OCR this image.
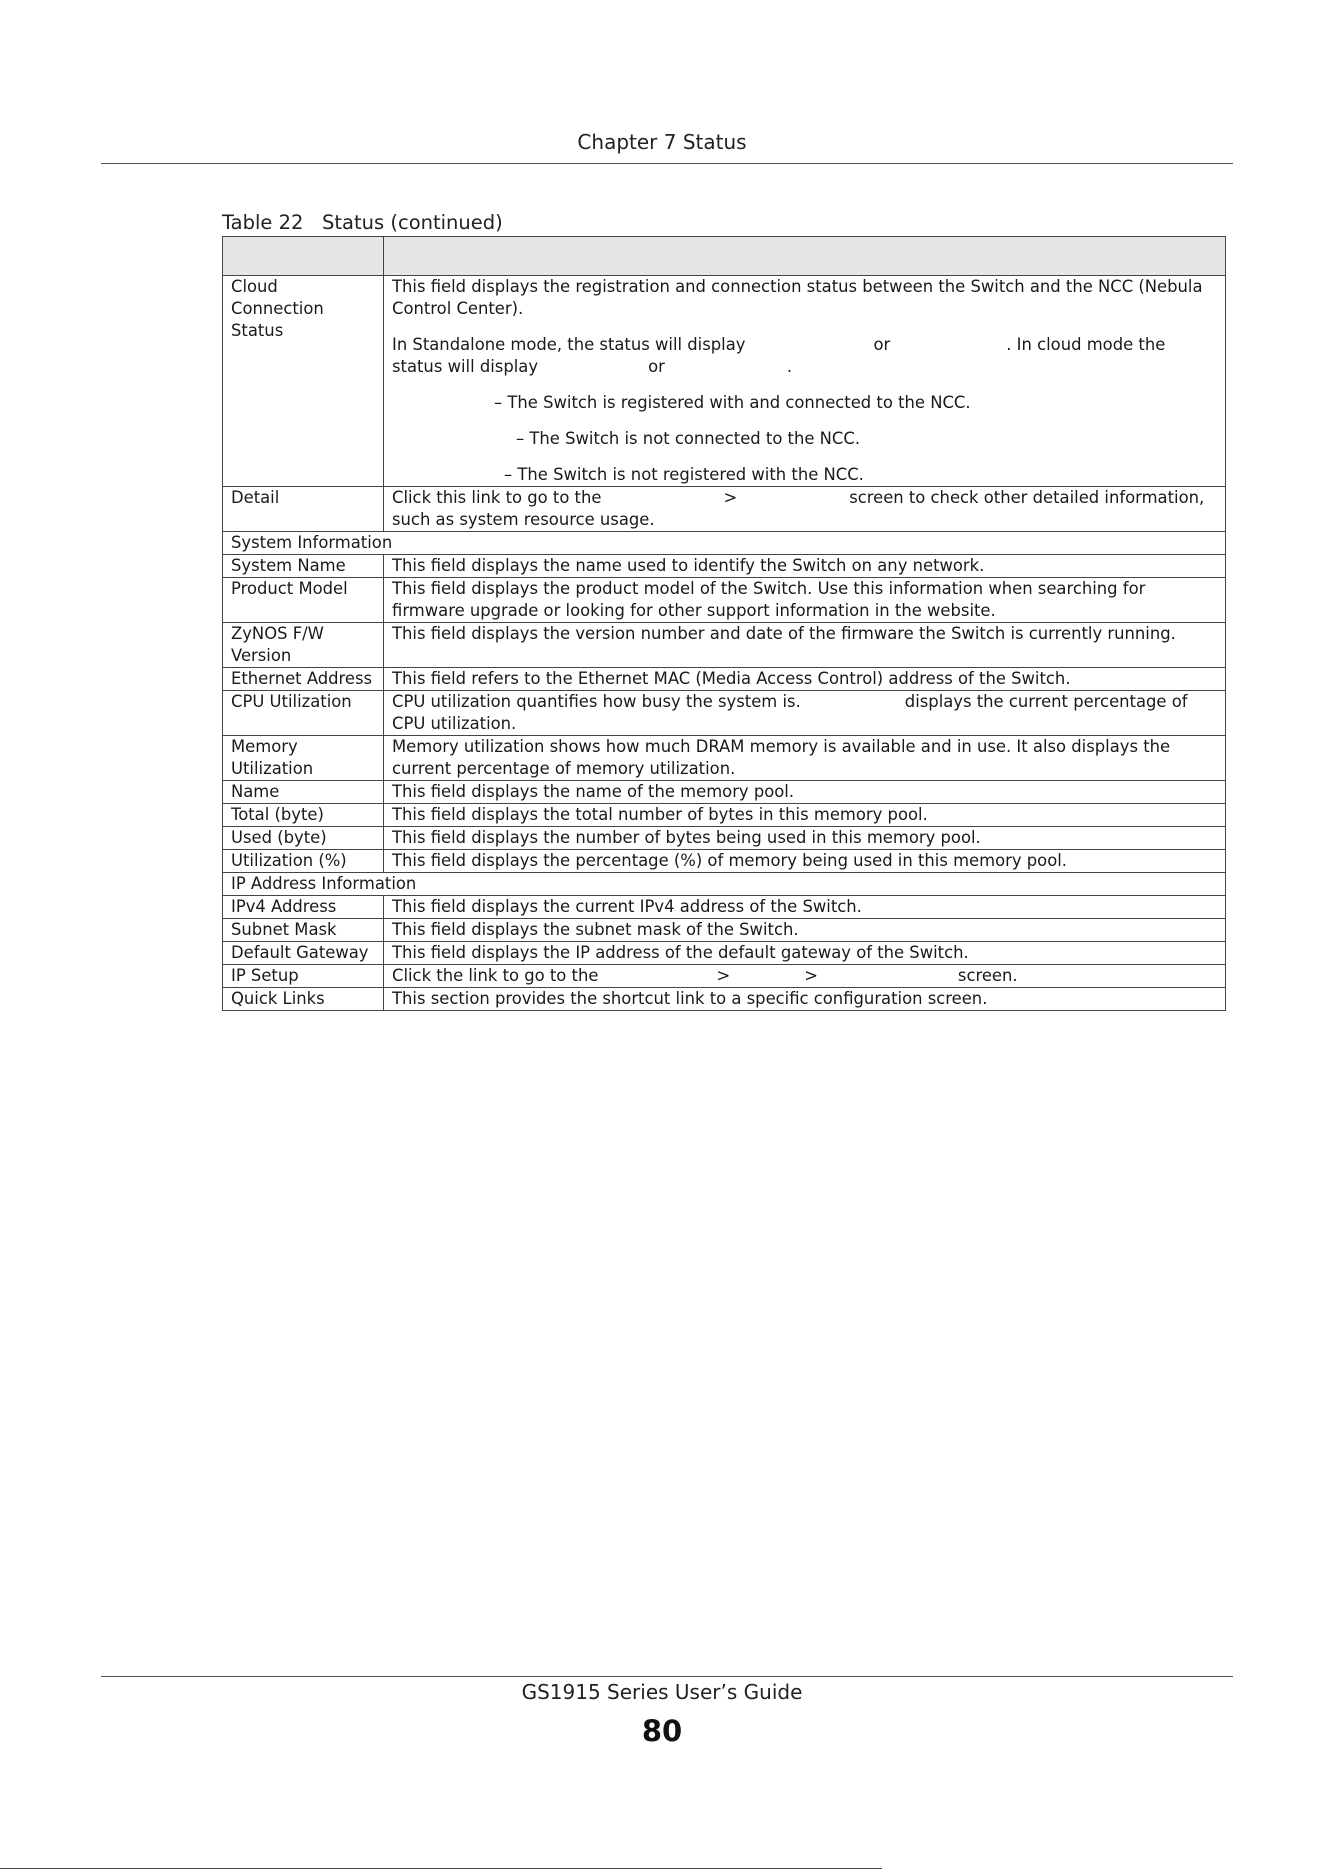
Chapter 7 Status
Table 22   Status (continued)

Cloud Connection Status	This field displays the registration and connection status between the Switch and the NCC (Nebula Control Center).

In Standalone mode, the status will display or . In cloud mode the status will display or .

– The Switch is registered with and connected to the NCC.

– The Switch is not connected to the NCC.

– The Switch is not registered with the NCC.

Detail	Click this link to go to the > screen to check other detailed information, such as system resource usage.
System Information	
System Name	This field displays the name used to identify the Switch on any network.
Product Model	This field displays the product model of the Switch. Use this information when searching for firmware upgrade or looking for other support information in the website.
ZyNOS F/W Version	This field displays the version number and date of the firmware the Switch is currently running.
Ethernet Address	This field refers to the Ethernet MAC (Media Access Control) address of the Switch.
CPU Utilization	CPU utilization quantifies how busy the system is. displays the current percentage of CPU utilization.
Memory Utilization	Memory utilization shows how much DRAM memory is available and in use. It also displays the current percentage of memory utilization.
Name	This field displays the name of the memory pool.
Total (byte)	This field displays the total number of bytes in this memory pool.
Used (byte)	This field displays the number of bytes being used in this memory pool.
Utilization (%)	This field displays the percentage (%) of memory being used in this memory pool.
IP Address Information	
IPv4 Address	This field displays the current IPv4 address of the Switch.
Subnet Mask	This field displays the subnet mask of the Switch.
Default Gateway	This field displays the IP address of the default gateway of the Switch.
IP Setup	Click the link to go to the > > screen.
Quick Links	This section provides the shortcut link to a specific configuration screen.
GS1915 Series User’s Guide
80
